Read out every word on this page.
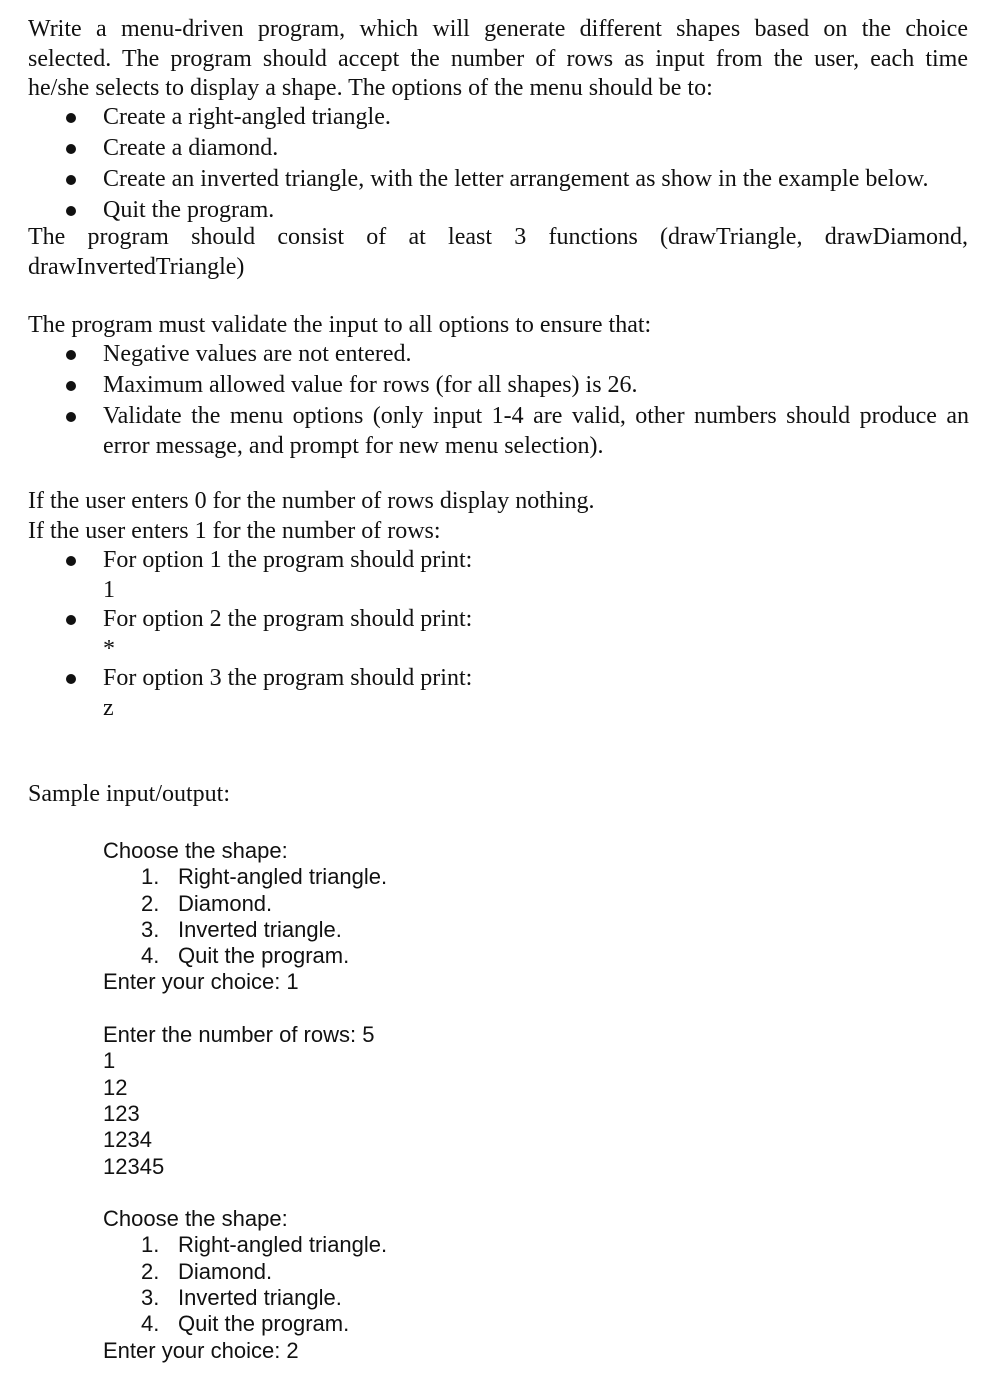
Write a menu-driven program, which will generate different shapes based on the choice
selected. The program should accept the number of rows as input from the user, each time
he/she selects to display a shape. The options of the menu should be to:

Create a right-angled triangle.
Create a diamond.
Create an inverted triangle, with the letter arrangement as show in the example below.
Quit the program.

The program should consist of at least 3 functions (drawTriangle, drawDiamond,
drawInvertedTriangle)

The program must validate the input to all options to ensure that:

Negative values are not entered.
Maximum allowed value for rows (for all shapes) is 26.
Validate the menu options (only input 1-4 are valid, other numbers should produce an
error message, and prompt for new menu selection).

If the user enters 0 for the number of rows display nothing.
If the user enters 1 for the number of rows:

For option 1 the program should print:
1
For option 2 the program should print:
*
For option 3 the program should print:
z

Sample input/output:

Choose the shape:
1. Right-angled triangle.
2. Diamond.
3. Inverted triangle.
4. Quit the program.
Enter your choice: 1
Enter the number of rows: 5
1
12
123
1234
12345
Choose the shape:
1. Right-angled triangle.
2. Diamond.
3. Inverted triangle.
4. Quit the program.
Enter your choice: 2
